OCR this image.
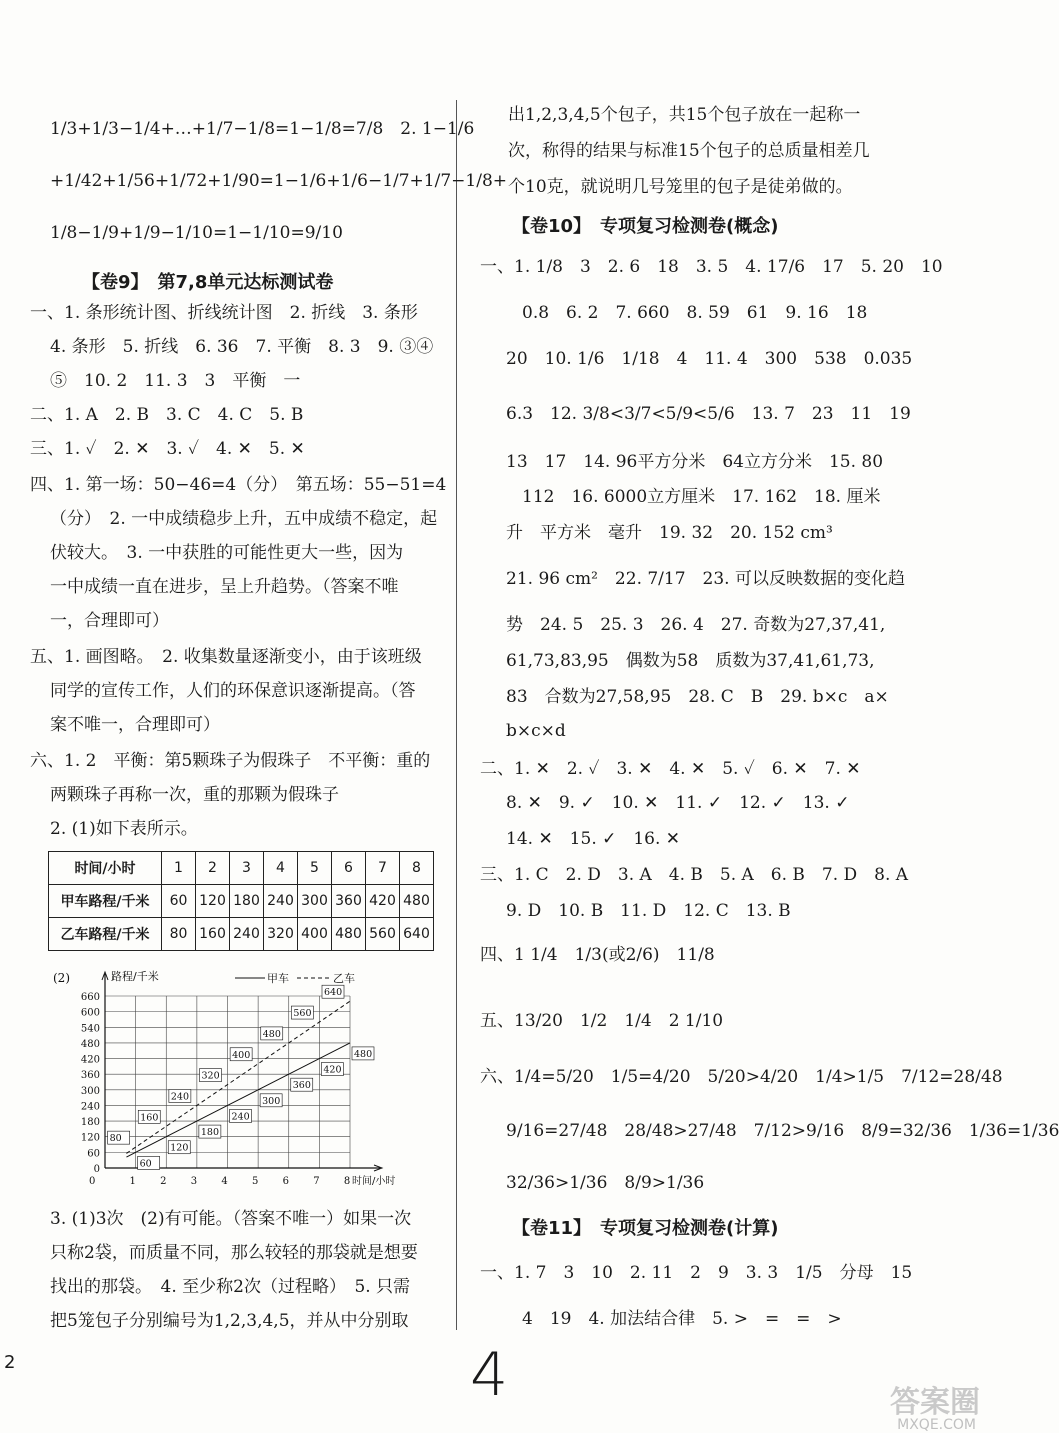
1/3+1/3−1/4+…+1/7−1/8=1−1/8=7/8　2. 1−1/6
+1/42+1/56+1/72+1/90=1−1/6+1/6−1/7+1/7−1/8+
1/8−1/9+1/9−1/10=1−1/10=9/10
【卷9】　第7,8单元达标测试卷
一、1. 条形统计图、折线统计图　2. 折线　3. 条形
4. 条形　5. 折线　6. 36　7. 平衡　8. 3　9. ③④
⑤　10. 2　11. 3　3　平衡　一
二、1. A　2. B　3. C　4. C　5. B
三、1. ✓　2. ✕　3. ✓　4. ✕　5. ✕
四、1. 第一场：50−46=4（分）　第五场：55−51=4
（分）　2. 一中成绩稳步上升，五中成绩不稳定，起
伏较大。　3. 一中获胜的可能性更大一些，因为
一中成绩一直在进步，呈上升趋势。（答案不唯
一，合理即可）
五、1. 画图略。　2. 收集数量逐渐变小，由于该班级
同学的宣传工作，人们的环保意识逐渐提高。（答
案不唯一，合理即可）
六、1. 2　平衡：第5颗珠子为假珠子　不平衡：重的
两颗珠子再称一次，重的那颗为假珠子
2. (1)如下表所示。
时间/小时	1	2	3	4	5	6	7	8
甲车路程/千米	60	120	180	240	300	360	420	480
乙车路程/千米	80	160	240	320	400	480	560	640
0
60
120
180
240
300
360
420
480
540
600
660
1 2 3 4 5 6 7 8
路程/千米
时间/小时
0
(2)
60
120
180
240
300
360
420
480
80
160
240
320
400
480
560
640
甲车	乙车
3. (1)3次　(2)有可能。（答案不唯一）如果一次
只称2袋，而质量不同，那么较轻的那袋就是想要
找出的那袋。　4. 至少称2次（过程略）　5. 只需
把5笼包子分别编号为1,2,3,4,5，并从中分别取
出1,2,3,4,5个包子，共15个包子放在一起称一
次，称得的结果与标准15个包子的总质量相差几
个10克，就说明几号笼里的包子是徒弟做的。
【卷10】　专项复习检测卷(概念)
一、1. 1/8　3　2. 6　18　3. 5　4. 17/6　17　5. 20　10
0.8　6. 2　7. 660　8. 59　61　9. 16　18
20　10. 1/6　1/18　4　11. 4　300　538　0.035
6.3　12. 3/8<3/7<5/9<5/6　13. 7　23　11　19
13　17　14. 96平方分米　64立方分米　15. 80
112　16. 6000立方厘米　17. 162　18. 厘米
升　平方米　毫升　19. 32　20. 152 cm³
21. 96 cm²　22. 7/17　23. 可以反映数据的变化趋
势　24. 5　25. 3　26. 4　27. 奇数为27,37,41,
61,73,83,95　偶数为58　质数为37,41,61,73,
83　合数为27,58,95　28. C　B　29. b×c　a×
b×c×d
二、1. ✕　2. ✓　3. ✕　4. ✕　5. ✓　6. ✕　7. ✕
8. ✕　9. ✓　10. ✕　11. ✓　12. ✓　13. ✓
14. ✕　15. ✓　16. ✕
三、1. C　2. D　3. A　4. B　5. A　6. B　7. D　8. A
9. D　10. B　11. D　12. C　13. B
四、1 1/4　1/3(或2/6)　11/8
五、13/20　1/2　1/4　2 1/10
六、1/4=5/20　1/5=4/20　5/20>4/20　1/4>1/5　7/12=28/48
9/16=27/48　28/48>27/48　7/12>9/16　8/9=32/36　1/36=1/36
32/36>1/36　8/9>1/36
【卷11】　专项复习检测卷(计算)
一、1. 7　3　10　2. 11　2　9　3. 3　1/5　分母　15
4　19　4. 加法结合律　5. >　=　=　>
2	4	答案圈
MXQE.COM
